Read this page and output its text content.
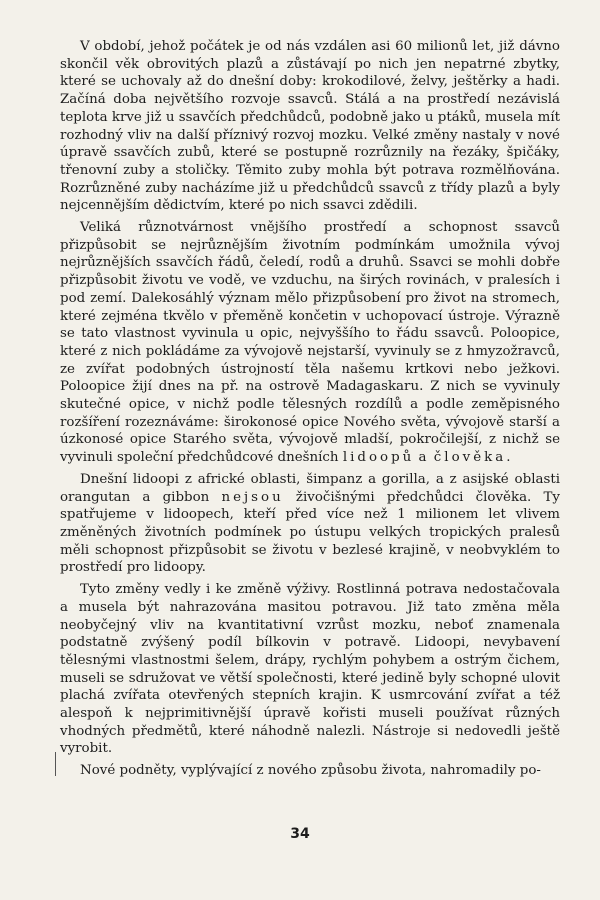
V období, jehož počátek je od nás vzdálen asi 60 milionů let, již dávno skončil věk obrovitých plazů a zůstávají po nich jen nepatrné zbytky, které se uchovaly až do dnešní doby: krokodilové, želvy, ještěrky a hadi. Začíná doba největšího rozvoje ssavců. Stálá a na prostředí nezávislá teplota krve již u ssavčích předchůdců, podobně jako u ptáků, musela mít rozhodný vliv na další příznivý rozvoj mozku. Velké změny nastaly v nové úpravě ssavčích zubů, které se postupně rozrůznily na řezáky, špičáky, třenovní zuby a stoličky. Těmito zuby mohla být potrava rozmělňována. Rozrůzněné zuby nacházíme již u předchůdců ssavců z třídy plazů a byly nejcennějším dědictvím, které po nich ssavci zdědili.

Veliká různotvárnost vnějšího prostředí a schopnost ssavců přizpůsobit se nejrůznějším životním podmínkám umožnila vývoj nejrůznějších ssavčích řádů, čeledí, rodů a druhů. Ssavci se mohli dobře přizpůsobit životu ve vodě, ve vzduchu, na širých rovinách, v pralesích i pod zemí. Dalekosáhlý význam mělo přizpůsobení pro život na stromech, které zejména tkvělo v přeměně končetin v uchopovací ústroje. Výrazně se tato vlastnost vyvinula u opic, nejvyššího to řádu ssavců. Poloopice, které z nich pokládáme za vývojově nejstarší, vyvinuly se z hmyzožravců, ze zvířat podobných ústrojností těla našemu krtkovi nebo ježkovi. Poloopice žijí dnes na př. na ostrově Madagaskaru. Z nich se vyvinuly skutečné opice, v nichž podle tělesných rozdílů a podle zeměpisného rozšíření rozeznáváme: širokonosé opice Nového světa, vývojově starší a úzkonosé opice Starého světa, vývojově mladší, pokročilejší, z nichž se vyvinuli společní předchůdcové dnešních lidoopů a člověka.

Dnešní lidoopi z africké oblasti, šimpanz a gorilla, a z asijské oblasti orangutan a gibbon nejsou živočišnými předchůdci člověka. Ty spatřujeme v lidoopech, kteří před více než 1 milionem let vlivem změněných životních podmínek po ústupu velkých tropických pralesů měli schopnost přizpůsobit se životu v bezlesé krajině, v neobvyklém to prostředí pro lidoopy.

Tyto změny vedly i ke změně výživy. Rostlinná potrava nedostačovala a musela být nahrazována masitou potravou. Již tato změna měla neobyčejný vliv na kvantitativní vzrůst mozku, neboť znamenala podstatně zvýšený podíl bílkovin v potravě. Lidoopi, nevybavení tělesnými vlastnostmi šelem, drápy, rychlým pohybem a ostrým čichem, museli se sdružovat ve větší společnosti, které jedině byly schopné ulovit plachá zvířata otevřených stepních krajin. K usmrcování zvířat a též alespoň k nejprimitivnější úpravě kořisti museli používat různých vhodných předmětů, které náhodně nalezli. Nástroje si nedovedli ještě vyrobit.

Nové podněty, vyplývající z nového způsobu života, nahromadily po-

34
